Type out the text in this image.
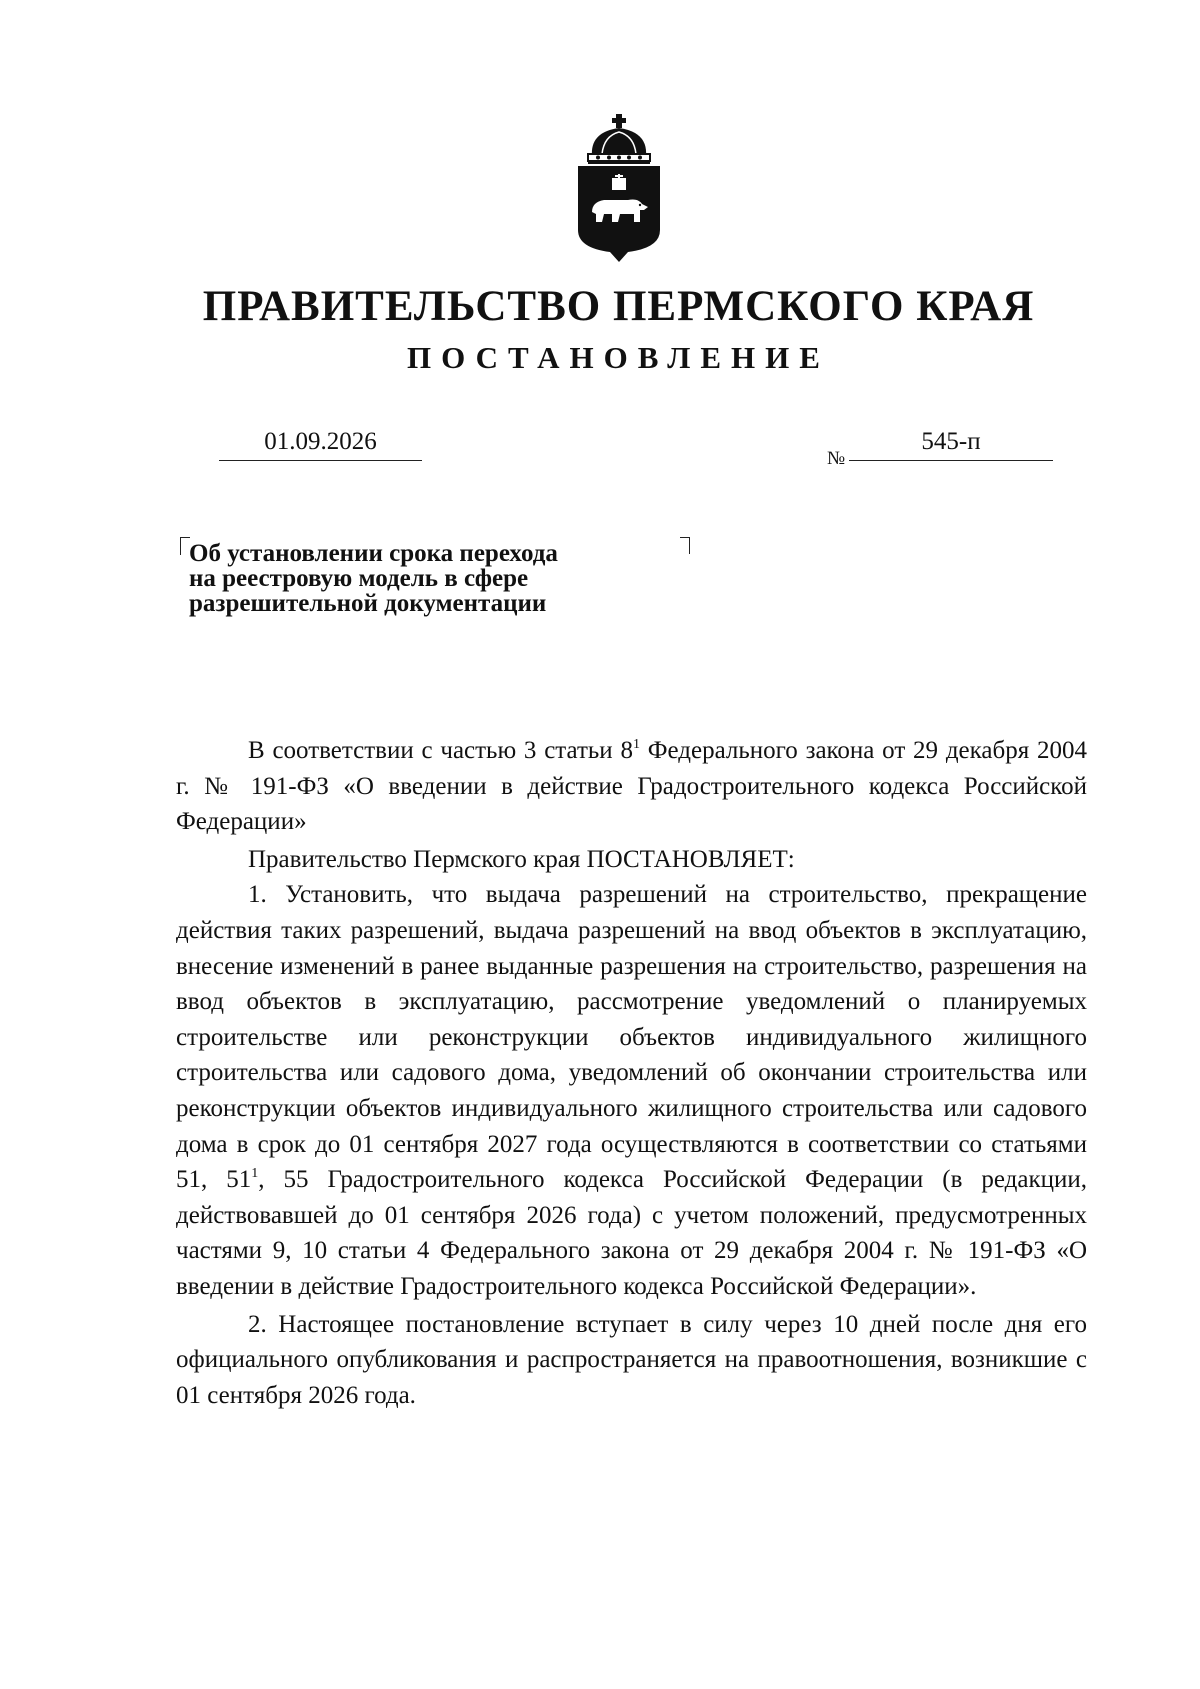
ПРАВИТЕЛЬСТВО ПЕРМСКОГО КРАЯ
ПОСТАНОВЛЕНИЕ
01.09.2026
№
545-п
Об установлении срока перехода
на реестровую модель в сфере
разрешительной документации

В соответствии с частью 3 статьи $8^1$ Федерального закона от 29 декабря 2004 г. № 191-ФЗ «О введении в действие Градостроительного кодекса Российской Федерации»

Правительство Пермского края ПОСТАНОВЛЯЕТ:

1. Установить, что выдача разрешений на строительство, прекращение действия таких разрешений, выдача разрешений на ввод объектов в эксплуатацию, внесение изменений в ранее выданные разрешения на строительство, разрешения на ввод объектов в эксплуатацию, рассмотрение уведомлений о планируемых строительстве или реконструкции объектов индивидуального жилищного строительства или садового дома, уведомлений об окончании строительства или реконструкции объектов индивидуального жилищного строительства или садового дома в срок до 01 сентября 2027 года осуществляются в соответствии со статьями 51, $51^1$, 55 Градостроительного кодекса Российской Федерации (в редакции, действовавшей до 01 сентября 2026 года) с учетом положений, предусмотренных частями 9, 10 статьи 4 Федерального закона от 29 декабря 2004 г. № 191-ФЗ «О введении в действие Градостроительного кодекса Российской Федерации».

2. Настоящее постановление вступает в силу через 10 дней после дня его официального опубликования и распространяется на правоотношения, возникшие с 01 сентября 2026 года.
